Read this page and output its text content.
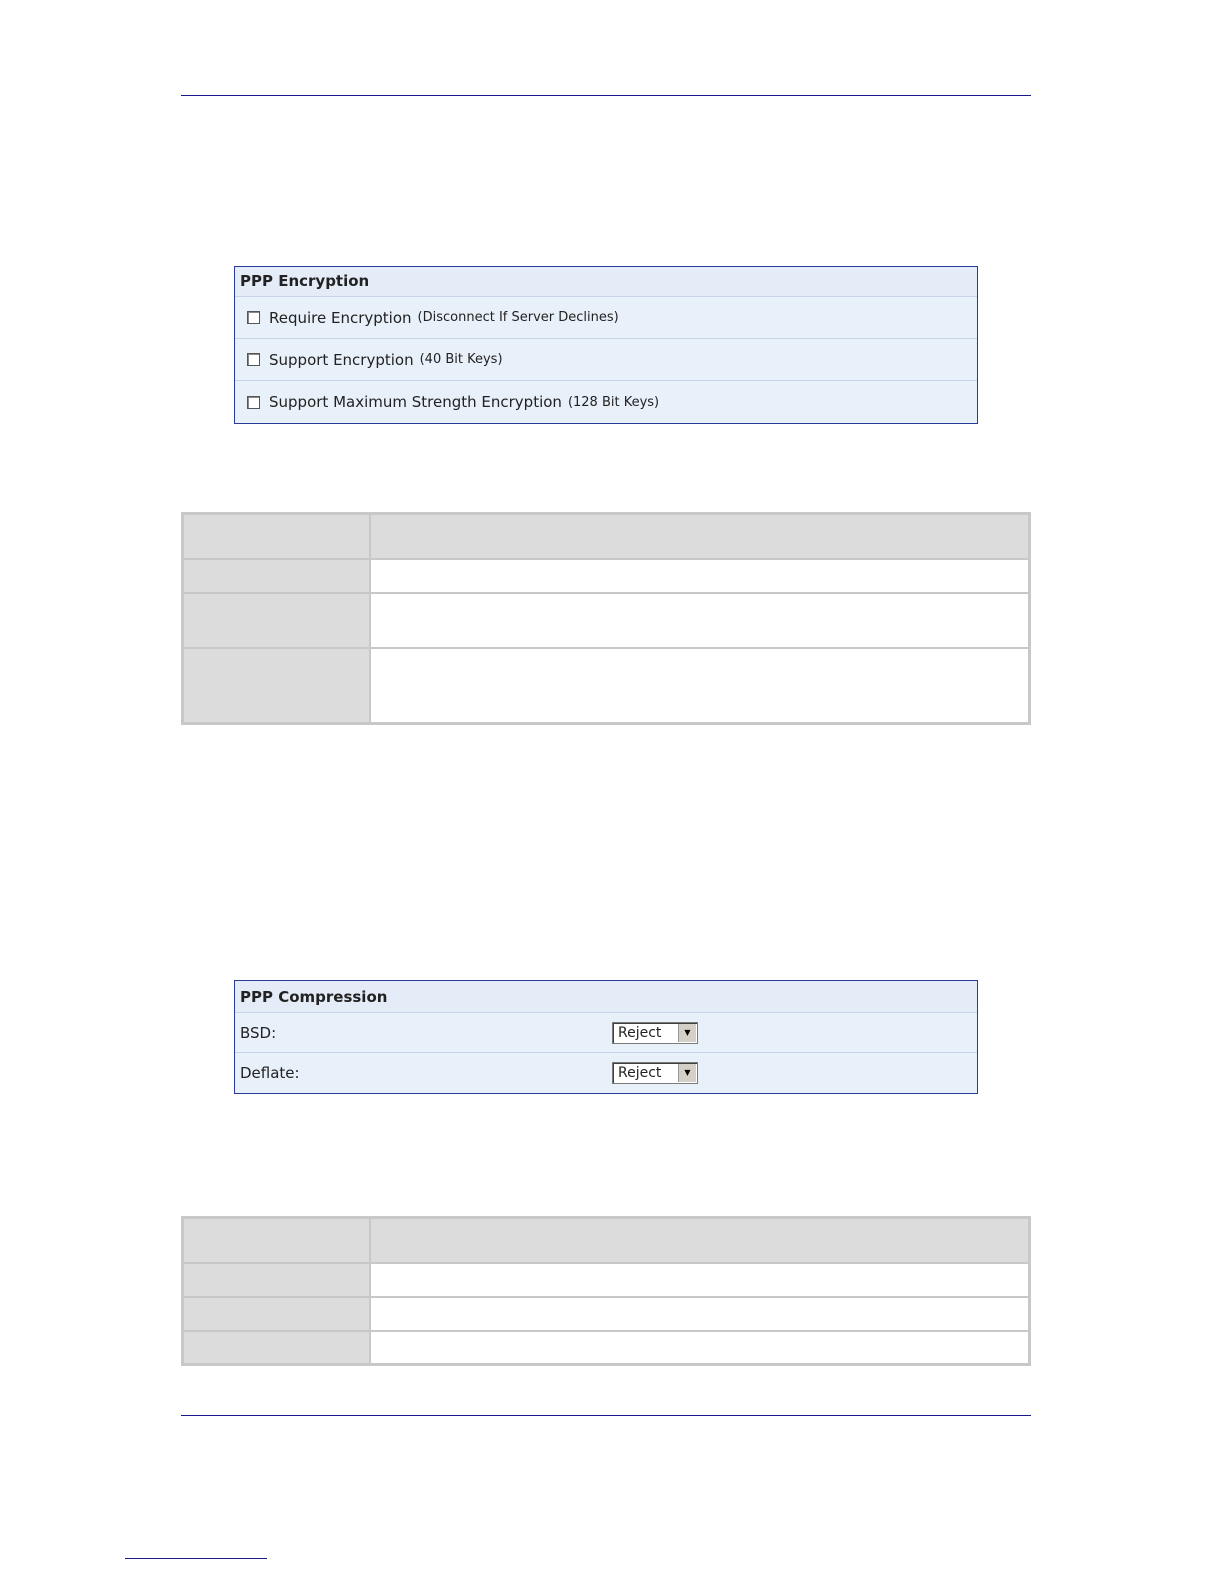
PPP Encryption
Require Encryption (Disconnect If Server Declines)
Support Encryption (40 Bit Keys)
Support Maximum Strength Encryption (128 Bit Keys)

PPP Compression
BSD:	Reject	▼
Deflate:	Reject	▼
